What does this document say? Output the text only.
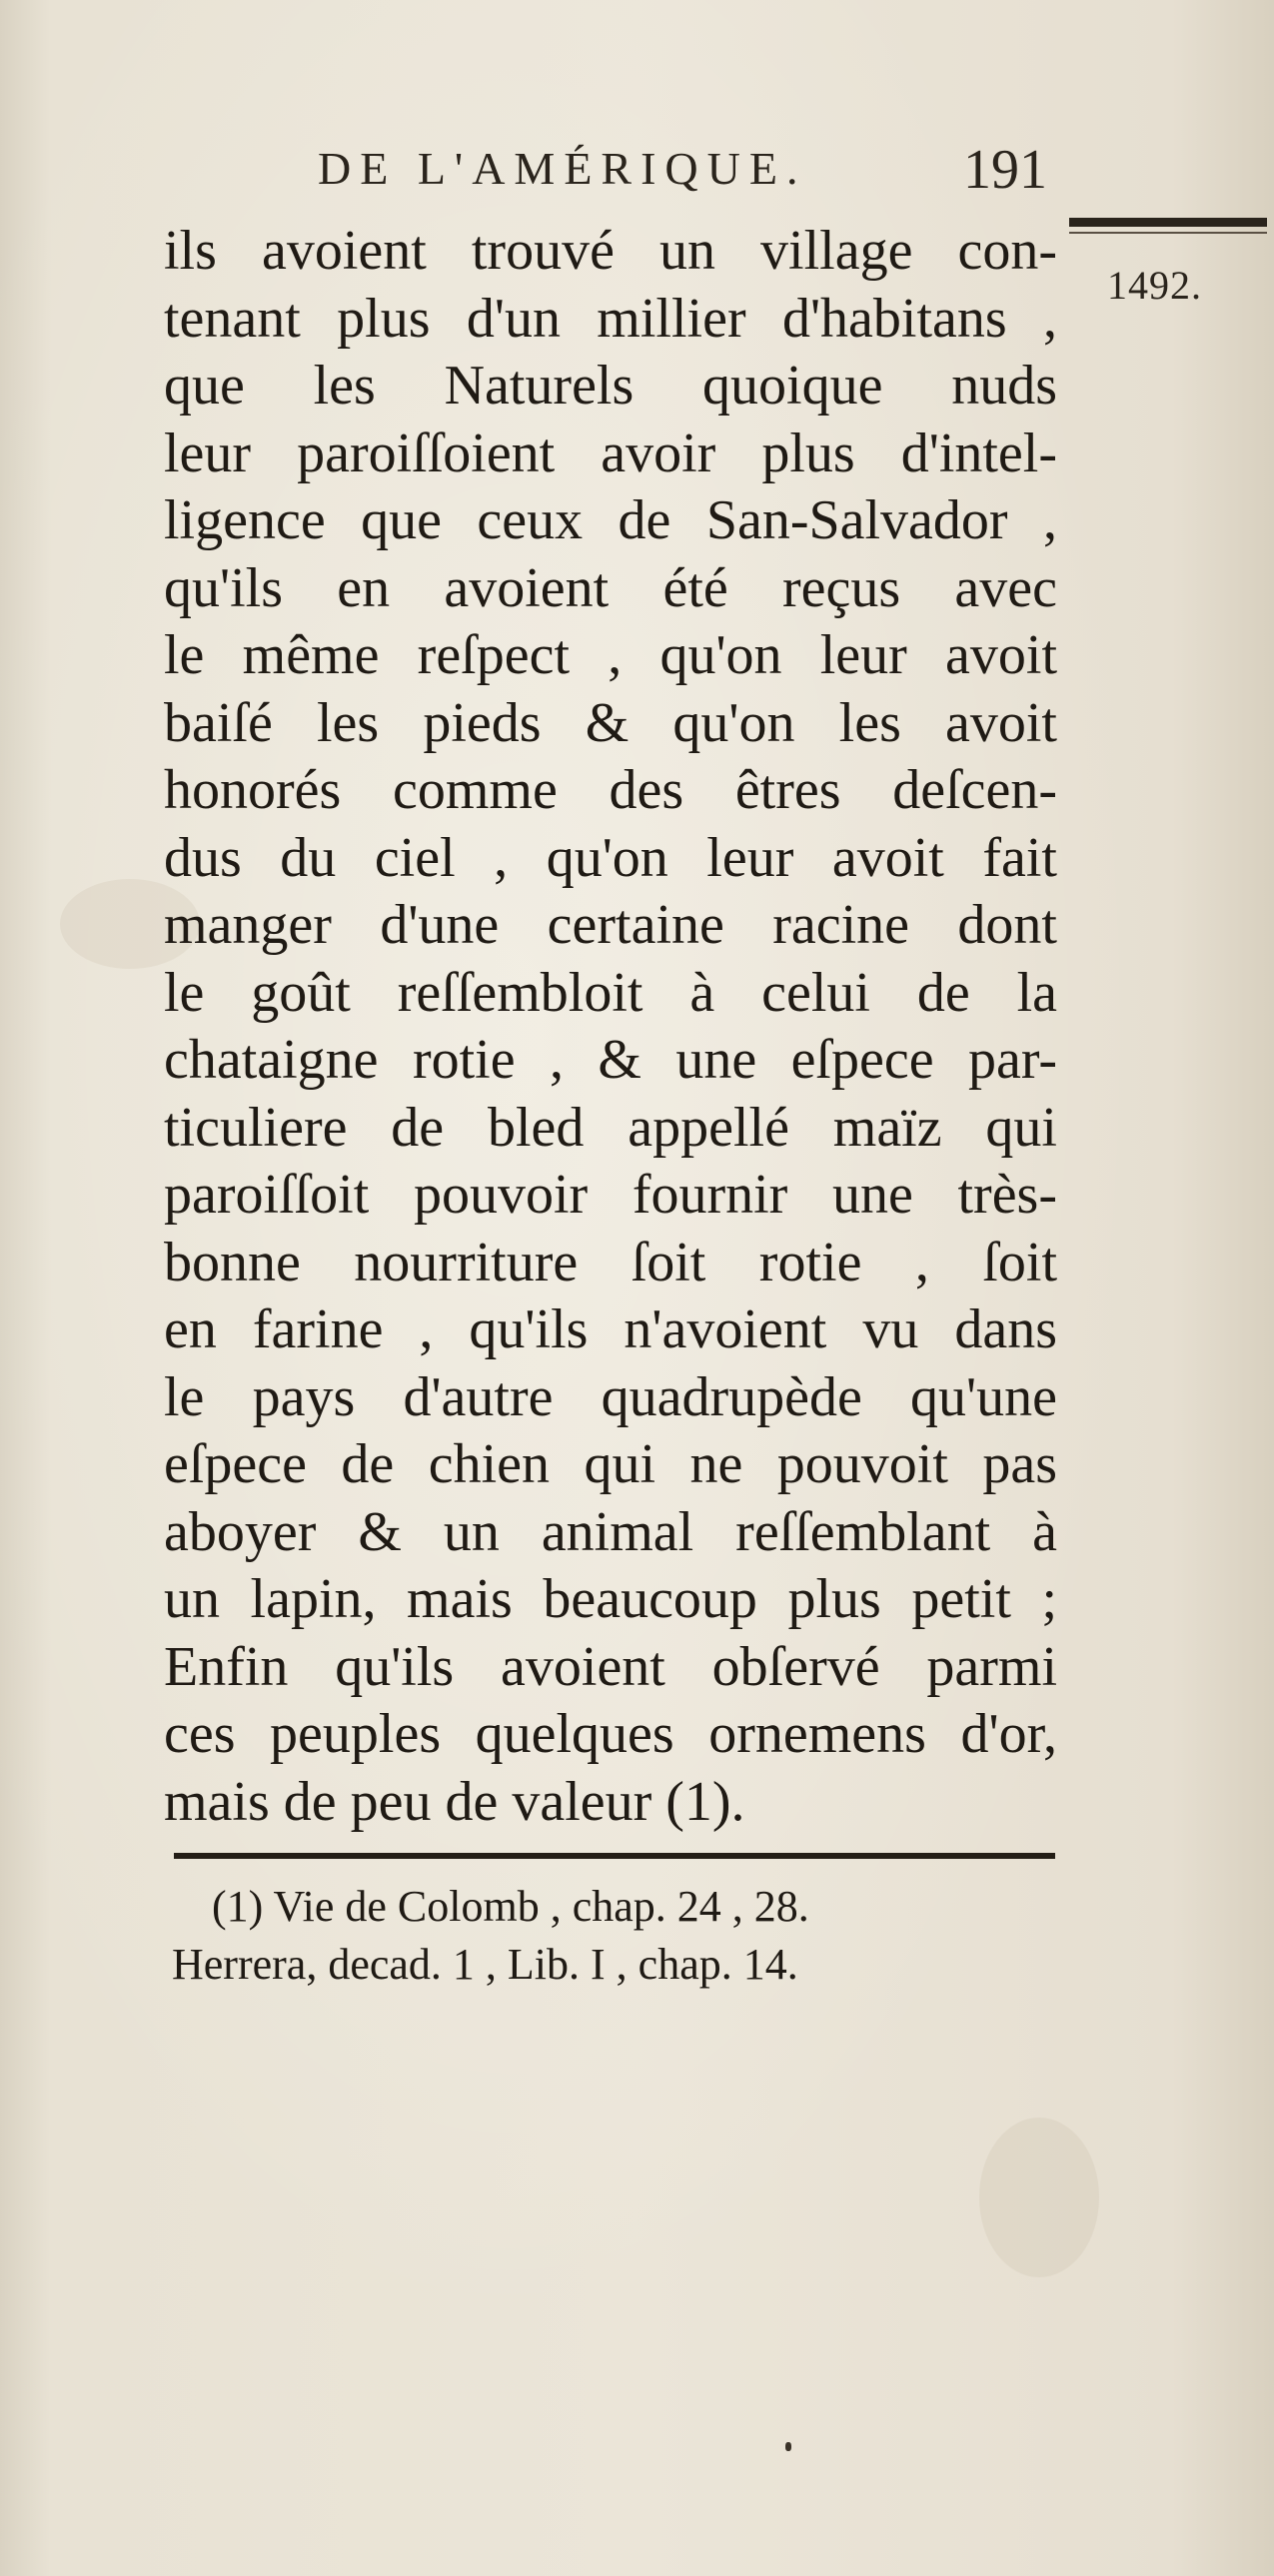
DE L'AMÉRIQUE.	191
1492.
ils avoient trouvé un village con-
tenant plus d'un millier d'habitans ,
que les Naturels quoique nuds
leur paroiſſoient avoir plus d'intel-
ligence que ceux de San-Salvador ,
qu'ils en avoient été reçus avec
le même reſpect , qu'on leur avoit
baiſé les pieds & qu'on les avoit
honorés comme des êtres deſcen-
dus du ciel , qu'on leur avoit fait
manger d'une certaine racine dont
le goût reſſembloit à celui de la
chataigne rotie , & une eſpece par-
ticuliere de bled appellé maïz qui
paroiſſoit pouvoir fournir une très-
bonne nourriture ſoit rotie , ſoit
en farine , qu'ils n'avoient vu dans
le pays d'autre quadrupède qu'une
eſpece de chien qui ne pouvoit pas
aboyer & un animal reſſemblant à
un lapin, mais beaucoup plus petit ;
Enfin qu'ils avoient obſervé parmi
ces peuples quelques ornemens d'or,
mais de peu de valeur (1).
(1) Vie de Colomb , chap. 24 , 28.
Herrera, decad. 1 , Lib. I , chap. 14.
